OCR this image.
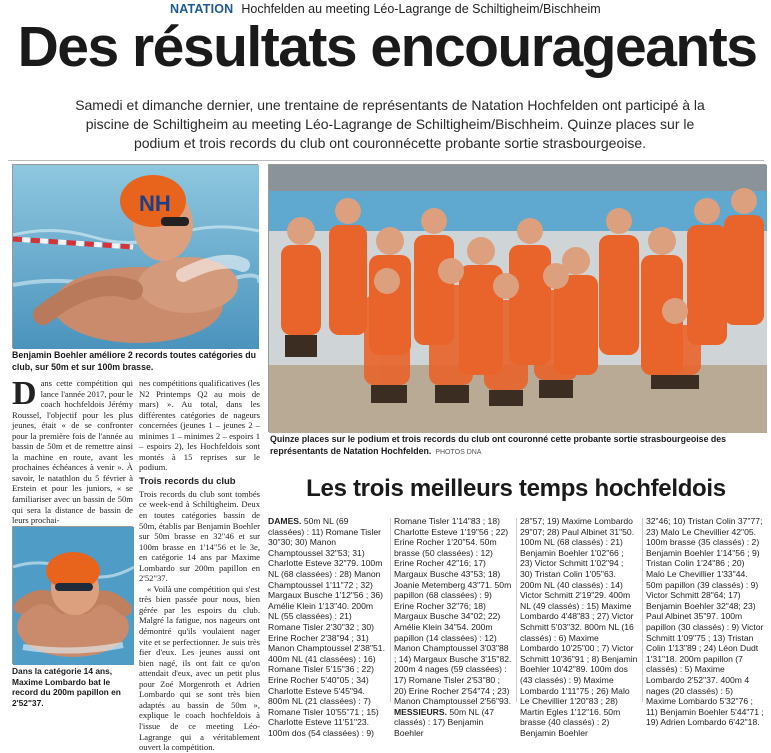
NATATION Hochfelden au meeting Léo-Lagrange de Schiltigheim/Bischheim
Des résultats encourageants

Samedi et dimanche dernier, une trentaine de représentants de Natation Hochfelden ont participé à la piscine de Schiltigheim au meeting Léo-Lagrange de Schiltigheim/Bischheim. Quinze places sur le podium et trois records du club ont couronnécette probante sortie strasbourgeoise.

NH
Benjamin Boehler améliore 2 records toutes catégories du club, sur 50m et sur 100m brasse.
Quinze places sur le podium et trois records du club ont couronné cette probante sortie strasbourgeoise des représentants de Natation Hochfelden. PHOTOS DNA
Dans cette compétition qui lance l'année 2017, pour le coach hochfeldois Jérémy Roussel, l'objectif pour les plus jeunes, était « de se confronter pour la première fois de l'année au bassin de 50m et de remettre ainsi la machine en route, avant les prochaines échéances à venir ». À savoir, le natathlon du 5 février à Erstein et pour les juniors, « se familiariser avec un bassin de 50m qui sera la distance de bassin de leurs prochai-

nes compétitions qualificatives (les N2 Printemps Q2 au mois de mars) ». Au total, dans les différentes catégories de nageurs concernées (jeunes 1 – jeunes 2 – minimes 1 – minimes 2 – espoirs 1 – espoirs 2), les Hochfeldois sont montés à 15 reprises sur le podium.

Trois records du club

Trois records du club sont tombés ce week-end à Schiltigheim. Deux en toutes catégories bassin de 50m, établis par Benjamin Boehler sur 50m brasse en 32"46 et sur 100m brasse en 1'14"56 et le 3e, en catégorie 14 ans par Maxime Lombardo sur 200m papillon en 2'52"37.

« Voilà une compétition qui s'est très bien passée pour nous, bien gérée par les espoirs du club. Malgré la fatigue, nos nageurs ont démontré qu'ils voulaient nager vite et se perfectionner. Je suis très fier d'eux. Les jeunes aussi ont bien nagé, ils ont fait ce qu'on attendait d'eux, avec un petit plus pour Zoé Morgenroth et Adrien Lombardo qui se sont très bien adaptés au bassin de 50m », explique le coach hochfeldois à l'issue de ce meeting Léo-Lagrange qui a véritablement ouvert la compétition.

Dans la catégorie 14 ans, Maxime Lombardo bat le record du 200m papillon en 2'52"37.
Les trois meilleurs temps hochfeldois
DAMES. 50m NL (69 classées) : 11) Romane Tisler 30"30; 30) Manon Champtoussel 32"53; 31) Charlotte Esteve 32"79. 100m NL (68 classées) : 28) Manon Champtoussel 1'11"72 ; 32) Margaux Busche 1'12"56 ; 36) Amélie Klein 1'13"40. 200m NL (55 classées) : 21) Romane Tisler 2'30"32 ; 30) Erine Rocher 2'38"94 ; 31) Manon Champtoussel 2'38"51. 400m NL (41 classées) : 16) Romane Tisler 5'15"36 ; 22) Erine Rocher 5'40"05 ; 34) Charlotte Esteve 5'45"94. 800m NL (21 classées) : 7) Romane Tisler 10'55"71 ; 15) Charlotte Esteve 11'51"23. 100m dos (54 classées) : 9)
Romane Tisler 1'14"83 ; 18) Charlotte Esteve 1'19"56 ; 22) Erine Rocher 1'20"54. 50m brasse (50 classées) : 12) Erine Rocher 42"16; 17) Margaux Busche 43"53; 18) Joanie Metemberg 43"71. 50m papillon (68 classées) : 9) Erine Rocher 32"76; 18) Margaux Busche 34"02; 22) Amélie Klein 34"54. 200m papillon (14 classées) : 12) Manon Champtoussel 3'03"88 ; 14) Margaux Busche 3'15"82. 200m 4 nages (59 classées) : 17) Romane Tisler 2'53"80 ; 20) Erine Rocher 2'54"74 ; 23) Manon Champtoussel 2'56"93. MESSIEURS. 50m NL (47 classés) : 17) Benjamin Boehler
28"57; 19) Maxime Lombardo 29"07; 28) Paul Albinet 31"50. 100m NL (68 classés) : 21) Benjamin Boehler 1'02"66 ; 23) Victor Schmitt 1'02"94 ; 30) Tristan Colin 1'05"63. 200m NL (40 classés) : 14) Victor Schmitt 2'19"29. 400m NL (49 classés) : 15) Maxime Lombardo 4'48"83 ; 27) Victor Schmitt 5'03"32. 800m NL (16 classés) : 6) Maxime Lombardo 10'25"00 ; 7) Victor Schmitt 10'36"91 ; 8) Benjamin Boehler 10'42"89. 100m dos (43 classés) : 9) Maxime Lombardo 1'11"75 ; 26) Malo Le Chevillier 1'20"83 ; 28) Martin Egles 1'12"16. 50m brasse (40 classés) : 2) Benjamin Boehler
32"46; 10) Tristan Colin 37"77; 23) Malo Le Chevillier 42"05. 100m brasse (35 classés) : 2) Benjamin Boehler 1'14"56 ; 9) Tristan Colin 1'24"86 ; 20) Malo Le Chevillier 1'33"44. 50m papillon (39 classés) : 9) Victor Schmitt 28"64; 17) Benjamin Boehler 32"48; 23) Paul Albinet 35"97. 100m papillon (30 classés) : 9) Victor Schmitt 1'09"75 ; 13) Tristan Colin 1'13"89 ; 24) Léon Dudt 1'31"18. 200m papillon (7 classés) : 5) Maxime Lombardo 2'52"37. 400m 4 nages (20 classés) : 5) Maxime Lombardo 5'32"76 ; 11) Benjamin Boehler 5'44"71 ; 19) Adrien Lombardo 6'42"18.
